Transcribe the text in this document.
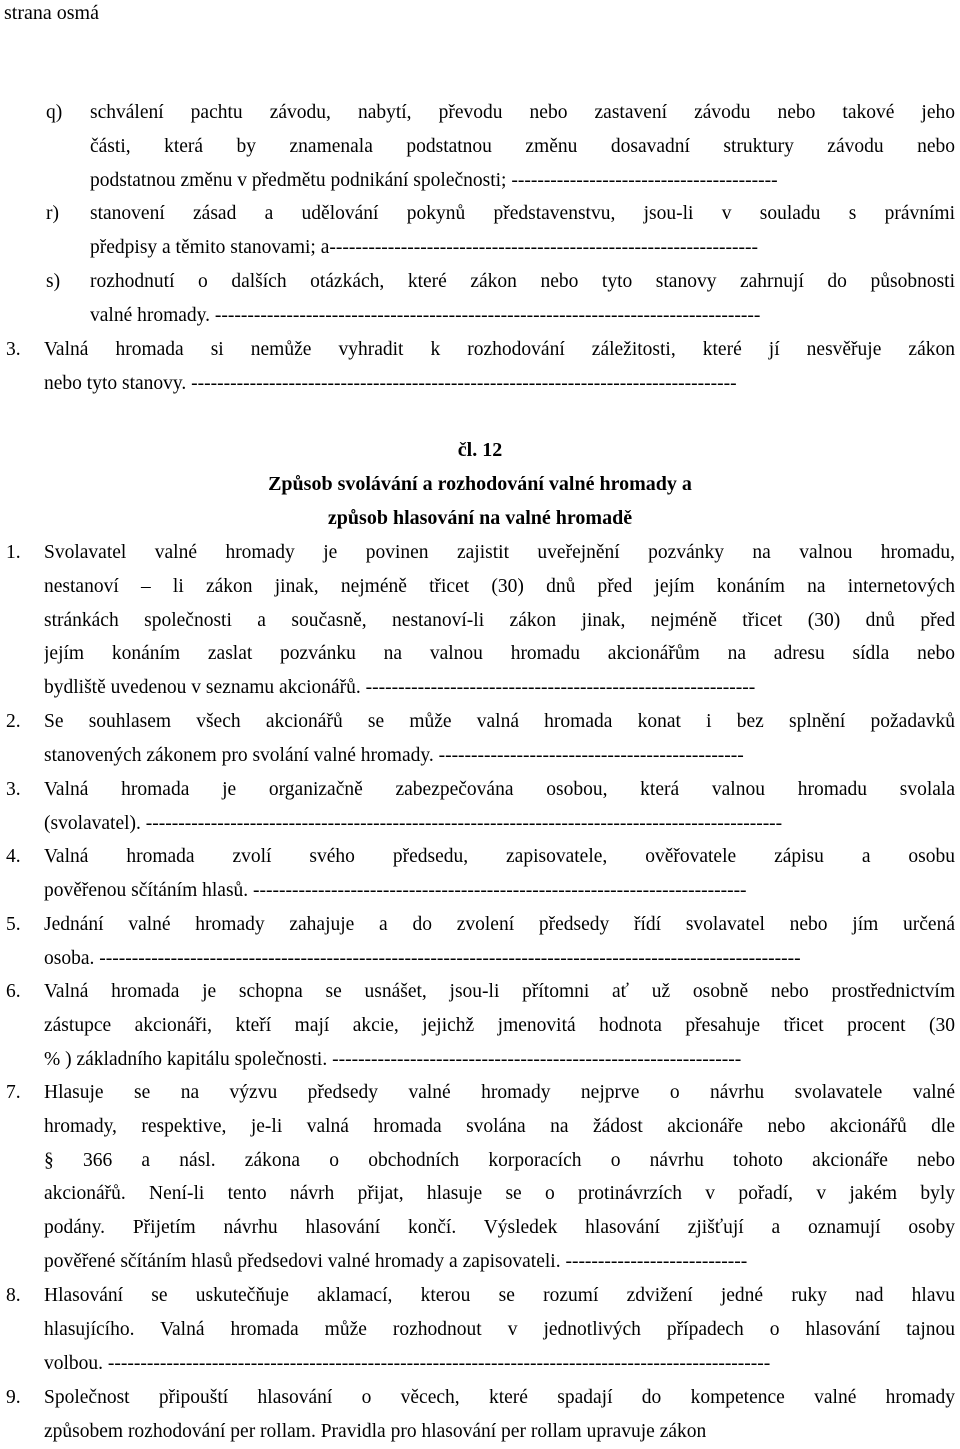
strana osmá
q) schválení pachtu závodu, nabytí, převodu nebo zastavení závodu nebo takové jeho
části, která by znamenala podstatnou změnu dosavadní struktury závodu nebo
podstatnou změnu v předmětu podnikání společnosti; -----------------------------------------
r) stanovení zásad a udělování pokynů představenstvu, jsou-li v souladu s právními
předpisy a těmito stanovami; a------------------------------------------------------------------
s) rozhodnutí o dalších otázkách, které zákon nebo tyto stanovy zahrnují do působnosti
valné hromady. ------------------------------------------------------------------------------------
3. Valná hromada si nemůže vyhradit k rozhodování záležitosti, které jí nesvěřuje zákon
nebo tyto stanovy. ------------------------------------------------------------------------------------
čl. 12
Způsob svolávání a rozhodování valné hromady a
způsob hlasování na valné hromadě
1. Svolavatel valné hromady je povinen zajistit uveřejnění pozvánky na valnou hromadu,
nestanoví – li zákon jinak, nejméně třicet (30) dnů před jejím konáním na internetových
stránkách společnosti a současně, nestanoví-li zákon jinak, nejméně třicet (30) dnů před
jejím konáním zaslat pozvánku na valnou hromadu akcionářům na adresu sídla nebo
bydliště uvedenou v seznamu akcionářů. ------------------------------------------------------------
2. Se souhlasem všech akcionářů se může valná hromada konat i bez splnění požadavků
stanovených zákonem pro svolání valné hromady. -----------------------------------------------
3. Valná hromada je organizačně zabezpečována osobou, která valnou hromadu svolala
(svolavatel). --------------------------------------------------------------------------------------------------
4. Valná hromada zvolí svého předsedu, zapisovatele, ověřovatele zápisu a osobu
pověřenou sčítáním hlasů. ----------------------------------------------------------------------------
5. Jednání valné hromady zahajuje a do zvolení předsedy řídí svolavatel nebo jím určená
osoba. ------------------------------------------------------------------------------------------------------------
6. Valná hromada je schopna se usnášet, jsou-li přítomni ať už osobně nebo prostřednictvím
zástupce akcionáři, kteří mají akcie, jejichž jmenovitá hodnota přesahuje třicet procent (30
% ) základního kapitálu společnosti. ---------------------------------------------------------------
7. Hlasuje se na výzvu předsedy valné hromady nejprve o návrhu svolavatele valné
hromady, respektive, je-li valná hromada svolána na žádost akcionáře nebo akcionářů dle
§ 366 a násl. zákona o obchodních korporacích o návrhu tohoto akcionáře nebo
akcionářů. Není-li tento návrh přijat, hlasuje se o protinávrzích v pořadí, v jakém byly
podány. Přijetím návrhu hlasování končí. Výsledek hlasování zjišťují a oznamují osoby
pověřené sčítáním hlasů předsedovi valné hromady a zapisovateli. ----------------------------
8. Hlasování se uskutečňuje aklamací, kterou se rozumí zdvižení jedné ruky nad hlavu
hlasujícího. Valná hromada může rozhodnout v jednotlivých případech o hlasování tajnou
volbou. ------------------------------------------------------------------------------------------------------
9. Společnost připouští hlasování o věcech, které spadají do kompetence valné hromady
způsobem rozhodování per rollam. Pravidla pro hlasování per rollam upravuje zákon
